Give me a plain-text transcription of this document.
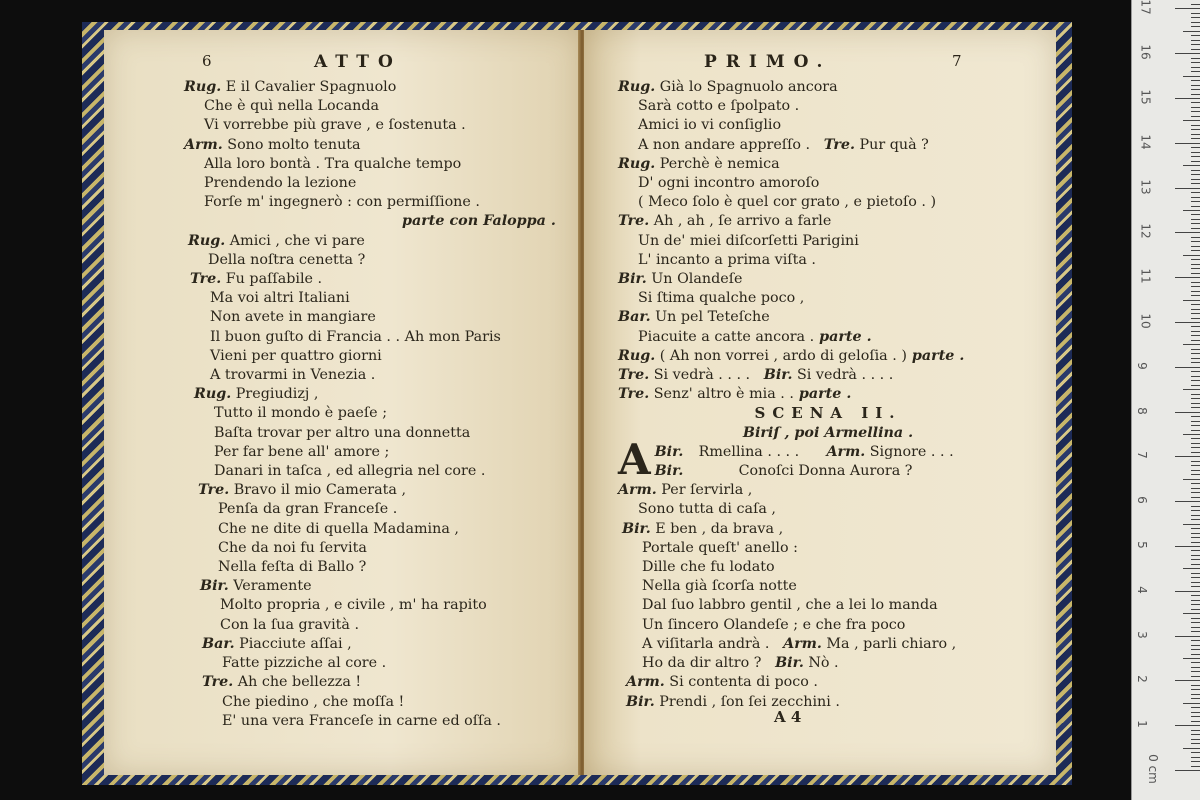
6	ATTO
Rug. E il Cavalier Spagnuolo
Che è quì nella Locanda
Vi vorrebbe più grave , e ſostenuta .
Arm. Sono molto tenuta
Alla loro bontà . Tra qualche tempo
Prendendo la lezione
Forſe m' ingegnerò : con permiſſione .
parte con Faloppa .
Rug. Amici , che vi pare
Della noſtra cenetta ?
Tre. Fu paſſabile .
Ma voi altri Italiani
Non avete in mangiare
Il buon guſto di Francia . . Ah mon Paris
Vieni per quattro giorni
A trovarmi in Venezia .
Rug. Pregiudizj ,
Tutto il mondo è paeſe ;
Baſta trovar per altro una donnetta
Per far bene all' amore ;
Danari in taſca , ed allegria nel core .
Tre. Bravo il mio Camerata ,
Penſa da gran Franceſe .
Che ne dite di quella Madamina ,
Che da noi fu ſervita
Nella feſta di Ballo ?
Bir. Veramente
Molto propria , e civile , m' ha rapito
Con la ſua gravità .
Bar. Piacciute aſſai ,
Fatte pizziche al core .
Tre. Ah che bellezza !
Che piedino , che moſſa !
E' una vera Franceſe in carne ed oſſa .
PRIMO.	7
Rug. Già lo Spagnuolo ancora
Sarà cotto e ſpolpato .
Amici io vi conſiglio
A non andare appreſſo . Tre. Pur quà ?
Rug. Perchè è nemica
D' ogni incontro amoroſo
( Meco ſolo è quel cor grato , e pietoſo . )
Tre. Ah , ah , ſe arrivo a farle
Un de' miei diſcorſetti Parigini
L' incanto a prima viſta .
Bir. Un Olandeſe
Si ſtima qualche poco ,
Bar. Un pel Teteſche
Piacuite a catte ancora . parte .
Rug. ( Ah non vorrei , ardo di geloſia . ) parte .
Tre. Si vedrà . . . . Bir. Si vedrà . . . .
Tre. Senz' altro è mia . . parte .
SCENA II.
Biriſ , poi Armellina .
Bir.
A	Rmellina . . . . Arm. Signore . . .
Bir.	Conoſci Donna Aurora ?
Arm. Per ſervirla ,
Sono tutta di caſa ,
Bir. E ben , da brava ,
Portale queſt' anello :
Dille che fu lodato
Nella già ſcorſa notte
Dal ſuo labbro gentil , che a lei lo manda
Un ſincero Olandeſe ; e che fra poco
A viſitarla andrà . Arm. Ma , parli chiaro ,
Ho da dir altro ? Bir. Nò .
Arm. Si contenta di poco .
Bir. Prendi , ſon ſei zecchini .
A 4
0 cm
1
2
3
4
5
6
7
8
9
10
11
12
13
14
15
16
17
